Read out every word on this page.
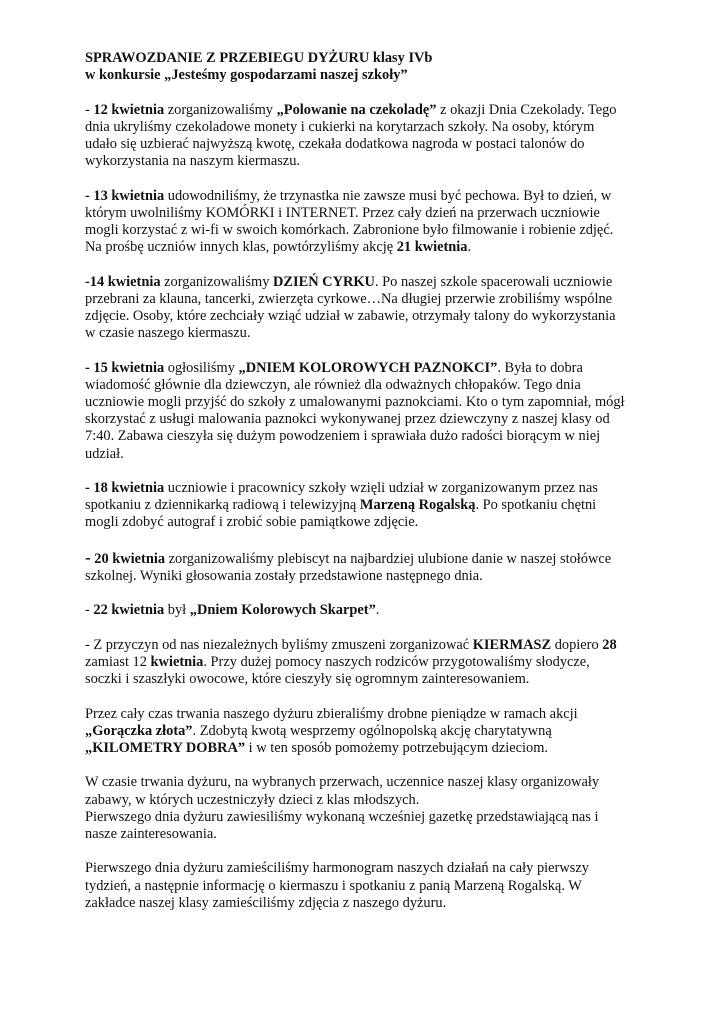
SPRAWOZDANIE Z PRZEBIEGU DYŻURU klasy IVb
w konkursie „Jesteśmy gospodarzami naszej szkoły”

- 12 kwietnia zorganizowaliśmy „Polowanie na czekoladę” z okazji Dnia Czekolady. Tego
dnia ukryliśmy czekoladowe monety i cukierki na korytarzach szkoły. Na osoby, którym
udało się uzbierać najwyższą kwotę, czekała dodatkowa nagroda w postaci talonów do
wykorzystania na naszym kiermaszu.

- 13 kwietnia udowodniliśmy, że trzynastka nie zawsze musi być pechowa. Był to dzień, w
którym uwolniliśmy KOMÓRKI i INTERNET. Przez cały dzień na przerwach uczniowie
mogli korzystać z wi-fi w swoich komórkach. Zabronione było filmowanie i robienie zdjęć.
Na prośbę uczniów innych klas, powtórzyliśmy akcję 21 kwietnia.

-14 kwietnia zorganizowaliśmy DZIEŃ CYRKU. Po naszej szkole spacerowali uczniowie
przebrani za klauna, tancerki, zwierzęta cyrkowe…Na długiej przerwie zrobiliśmy wspólne
zdjęcie. Osoby, które zechciały wziąć udział w zabawie, otrzymały talony do wykorzystania
w czasie naszego kiermaszu.

- 15 kwietnia ogłosiliśmy „DNIEM KOLOROWYCH PAZNOKCI”. Była to dobra
wiadomość głównie dla dziewczyn, ale również dla odważnych chłopaków. Tego dnia
uczniowie mogli przyjść do szkoły z umalowanymi paznokciami. Kto o tym zapomniał, mógł
skorzystać z usługi malowania paznokci wykonywanej przez dziewczyny z naszej klasy od
7:40. Zabawa cieszyła się dużym powodzeniem i sprawiała dużo radości biorącym w niej
udział.

- 18 kwietnia uczniowie i pracownicy szkoły wzięli udział w zorganizowanym przez nas
spotkaniu z dziennikarką radiową i telewizyjną Marzeną Rogalską. Po spotkaniu chętni
mogli zdobyć autograf i zrobić sobie pamiątkowe zdjęcie.

- 20 kwietnia zorganizowaliśmy plebiscyt na najbardziej ulubione danie w naszej stołówce
szkolnej. Wyniki głosowania zostały przedstawione następnego dnia.

- 22 kwietnia był „Dniem Kolorowych Skarpet”.

- Z przyczyn od nas niezależnych byliśmy zmuszeni zorganizować KIERMASZ dopiero 28
zamiast 12 kwietnia. Przy dużej pomocy naszych rodziców przygotowaliśmy słodycze,
soczki i szaszłyki owocowe, które cieszyły się ogromnym zainteresowaniem.

Przez cały czas trwania naszego dyżuru zbieraliśmy drobne pieniądze w ramach akcji
„Gorączka złota”. Zdobytą kwotą wesprzemy ogólnopolską akcję charytatywną
„KILOMETRY DOBRA” i w ten sposób pomożemy potrzebującym dzieciom.

W czasie trwania dyżuru, na wybranych przerwach, uczennice naszej klasy organizowały
zabawy, w których uczestniczyły dzieci z klas młodszych.
Pierwszego dnia dyżuru zawiesiliśmy wykonaną wcześniej gazetkę przedstawiającą nas i
nasze zainteresowania.

Pierwszego dnia dyżuru zamieściliśmy harmonogram naszych działań na cały pierwszy
tydzień, a następnie informację o kiermaszu i spotkaniu z panią Marzeną Rogalską. W
zakładce naszej klasy zamieściliśmy zdjęcia z naszego dyżuru.
